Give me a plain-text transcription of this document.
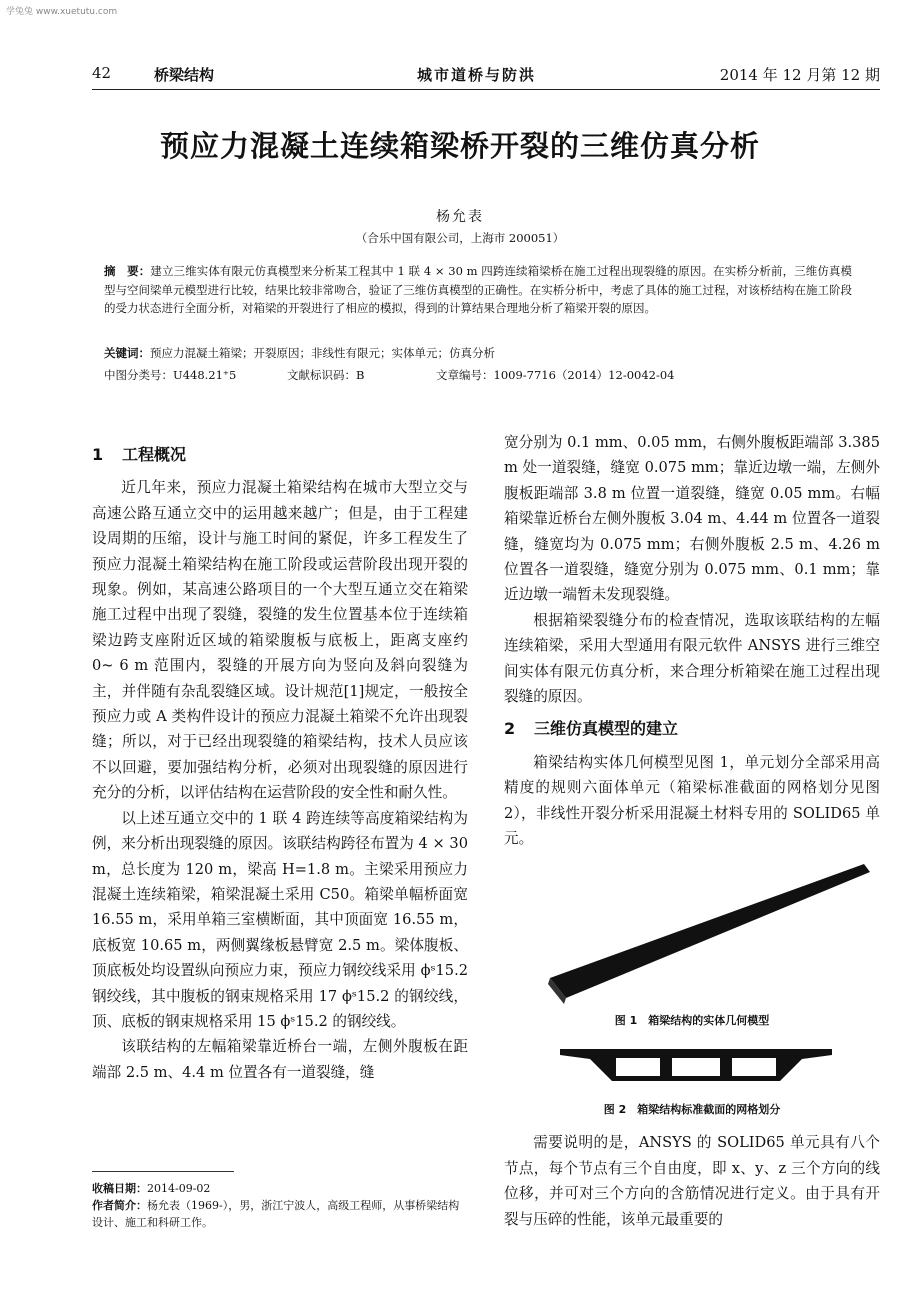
学兔兔 www.xuetutu.com
42	桥梁结构	城市道桥与防洪	2014 年 12 月第 12 期
预应力混凝土连续箱梁桥开裂的三维仿真分析
杨允表
（合乐中国有限公司，上海市 200051）
摘　要：建立三维实体有限元仿真模型来分析某工程其中 1 联 4 × 30 m 四跨连续箱梁桥在施工过程出现裂缝的原因。在实桥分析前，三维仿真模型与空间梁单元模型进行比较，结果比较非常吻合，验证了三维仿真模型的正确性。在实桥分析中，考虑了具体的施工过程，对该桥结构在施工阶段的受力状态进行全面分析，对箱梁的开裂进行了相应的模拟，得到的计算结果合理地分析了箱梁开裂的原因。
关键词：预应力混凝土箱梁；开裂原因；非线性有限元；实体单元；仿真分析
中图分类号：U448.21⁺5	文献标识码：B	文章编号：1009-7716（2014）12-0042-04
1 工程概况

近几年来，预应力混凝土箱梁结构在城市大型立交与高速公路互通立交中的运用越来越广；但是，由于工程建设周期的压缩，设计与施工时间的紧促，许多工程发生了预应力混凝土箱梁结构在施工阶段或运营阶段出现开裂的现象。例如，某高速公路项目的一个大型互通立交在箱梁施工过程中出现了裂缝，裂缝的发生位置基本位于连续箱梁边跨支座附近区域的箱梁腹板与底板上，距离支座约 0~ 6 m 范围内，裂缝的开展方向为竖向及斜向裂缝为主，并伴随有杂乱裂缝区域。设计规范[1]规定，一般按全预应力或 A 类构件设计的预应力混凝土箱梁不允许出现裂缝；所以，对于已经出现裂缝的箱梁结构，技术人员应该不以回避，要加强结构分析，必须对出现裂缝的原因进行充分的分析，以评估结构在运营阶段的安全性和耐久性。

以上述互通立交中的 1 联 4 跨连续等高度箱梁结构为例，来分析出现裂缝的原因。该联结构跨径布置为 4 × 30 m，总长度为 120 m，梁高 H=1.8 m。主梁采用预应力混凝土连续箱梁，箱梁混凝土采用 C50。箱梁单幅桥面宽 16.55 m，采用单箱三室横断面，其中顶面宽 16.55 m，底板宽 10.65 m，两侧翼缘板悬臂宽 2.5 m。梁体腹板、顶底板处均设置纵向预应力束，预应力钢绞线采用 ϕˢ15.2 钢绞线，其中腹板的钢束规格采用 17 ϕˢ15.2 的钢绞线，顶、底板的钢束规格采用 15 ϕˢ15.2 的钢绞线。

该联结构的左幅箱梁靠近桥台一端，左侧外腹板在距端部 2.5 m、4.4 m 位置各有一道裂缝，缝

收稿日期：2014-09-02
作者简介：杨允表（1969-），男，浙江宁波人，高级工程师，从事桥梁结构设计、施工和科研工作。

宽分别为 0.1 mm、0.05 mm，右侧外腹板距端部 3.385 m 处一道裂缝，缝宽 0.075 mm；靠近边墩一端，左侧外腹板距端部 3.8 m 位置一道裂缝，缝宽 0.05 mm。右幅箱梁靠近桥台左侧外腹板 3.04 m、4.44 m 位置各一道裂缝，缝宽均为 0.075 mm；右侧外腹板 2.5 m、4.26 m 位置各一道裂缝，缝宽分别为 0.075 mm、0.1 mm；靠近边墩一端暂未发现裂缝。

根据箱梁裂缝分布的检查情况，选取该联结构的左幅连续箱梁，采用大型通用有限元软件 ANSYS 进行三维空间实体有限元仿真分析，来合理分析箱梁在施工过程出现裂缝的原因。

2 三维仿真模型的建立

箱梁结构实体几何模型见图 1，单元划分全部采用高精度的规则六面体单元（箱梁标准截面的网格划分见图 2），非线性开裂分析采用混凝土材料专用的 SOLID65 单元。

图 1　箱梁结构的实体几何模型
图 2　箱梁结构标准截面的网格划分

需要说明的是，ANSYS 的 SOLID65 单元具有八个节点，每个节点有三个自由度，即 x、y、z 三个方向的线位移，并可对三个方向的含筋情况进行定义。由于具有开裂与压碎的性能，该单元最重要的
